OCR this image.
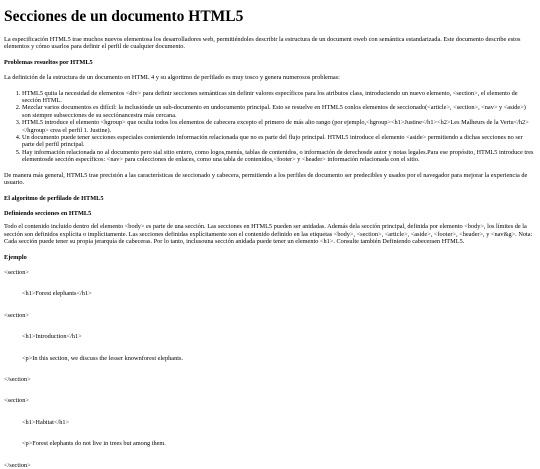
Secciones de un documento HTML5

La especificación HTML5 trae muchos nuevos elementosa los desarrolladores web, permitiéndoles describir la estructura de un document oweb con semántica estandarizada. Este documento describe estos elementos y cómo usarlos para definir el perfil de cualquier documento.

Problemas resueltos por HTML5

La definición de la estructura de un documento en HTML 4 y su algoritmo de perfilado es muy tosco y genera numerosos problemas:

1. HTML5 quita la necesidad de elementos <div> para definir secciones semánticas sin definir valores específicos para los atributos class, introduciendo un nuevo elemento, <section>, el elemento de sección HTML.
2. Mezclar varios documentos es difícil: la inclusiónde un sub-documento en undocumento principal. Esto se resuelve en HTML5 conlos elementos de seccionado(<article>, <section>, <nav> y <aside>) son siempre subsecciones de su secciónancestra más cercana.
3. HTML5 introduce el elemento <hgroup> que oculta todos los elementos de cabecera excepto el primero de más alto rango (por ejemplo,<hgroup><h1>Justine</h1><h2>Les Malheurs de la Vertu</h2></hgroup> crea el perfil 1. Justine).
4. Un documento puede tener secciones especiales conteniendo información relacionada que no es parte del flujo principal. HTML5 introduce el elemento <aside> permitiendo a dichas secciones no ser parte del perfil principal.
5. Hay información relacionada no al documento pero sial sitio entero, como logos,menús, tablas de contenidos, o información de derechosde autor y notas legales.Para ese propósito, HTML5 introduce tres elementosde sección específicos: <nav> para colecciones de enlaces, como una tabla de contenidos,<footer> y <header> información relacionada con el sitio.

De manera más general, HTML5 trae precisión a las características de seccionado y cabecera, permitiendo a los perfiles de documento ser predecibles y usados por el navegador para mejorar la experiencia de usuario.

El algoritmo de perfilado de HTML5

Definiendo secciones en HTML5

Todo el contenido incluido dentro del elemento <body> es parte de una sección. Las secciones en HTML5 pueden ser anidadas. Además dela sección principal, definida por elemento <body>, los límites de la sección son definidos explícita o implícitamente. Las secciones definidas explícitamente son el contenido definido en las etiquetas <body>, <section>, <article>, <aside>, <footer>, <header>, y <nav&g>. Nota: Cada sección puede tener su propia jerarquía de cabeceras. Por lo tanto, inclusouna sección anidada puede tener un elemento <h1>. Consulte también Definiendo cabeceraen HTML5.

Ejemplo

<section>

<h1>Forest elephants</h1>

<section>

<h1>Introduction</h1>

<p>In this section, we discuss the lesser knownforest elephants.

</section>

<section>

<h1>Habitat</h1>

<p>Forest elephants do not live in trees but among them.

</section>
